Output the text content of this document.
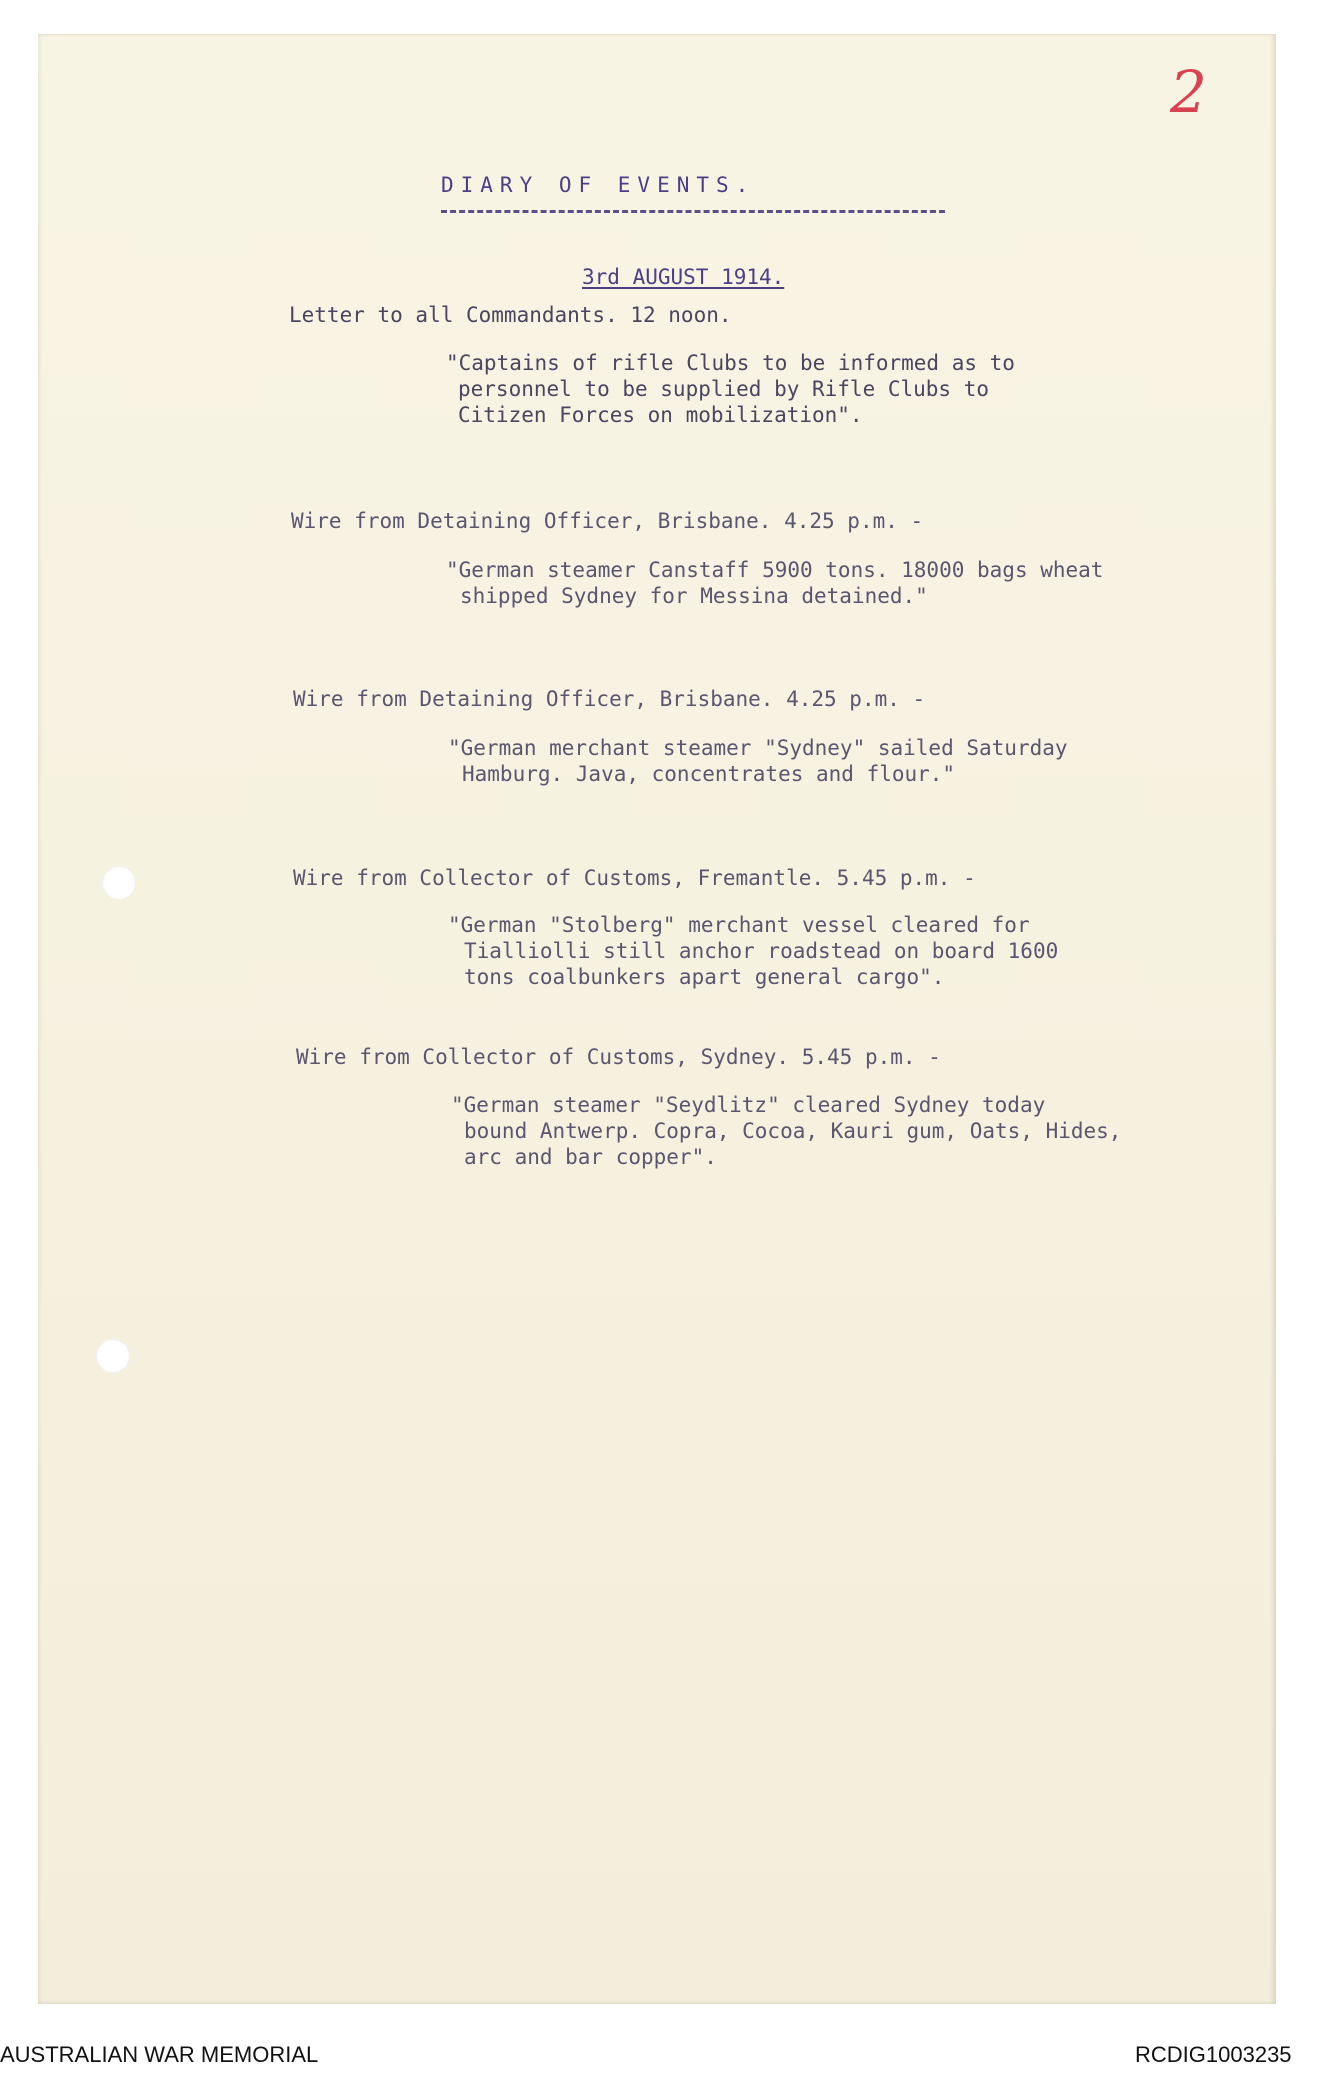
2
DIARY OF EVENTS.
3rd AUGUST 1914.
Letter to all Commandants. 12 noon.
"Captains of rifle Clubs to be informed as to
personnel to be supplied by Rifle Clubs to
Citizen Forces on mobilization".
Wire from Detaining Officer, Brisbane. 4.25 p.m. -
"German steamer Canstaff 5900 tons. 18000 bags wheat
shipped Sydney for Messina detained."
Wire from Detaining Officer, Brisbane. 4.25 p.m. -
"German merchant steamer "Sydney" sailed Saturday
Hamburg. Java, concentrates and flour."
Wire from Collector of Customs, Fremantle. 5.45 p.m. -
"German "Stolberg" merchant vessel cleared for
Tialliolli still anchor roadstead on board 1600
tons coalbunkers apart general cargo".
Wire from Collector of Customs, Sydney. 5.45 p.m. -
"German steamer "Seydlitz" cleared Sydney today
bound Antwerp. Copra, Cocoa, Kauri gum, Oats, Hides,
arc and bar copper".
AUSTRALIAN WAR MEMORIAL	RCDIG1003235
